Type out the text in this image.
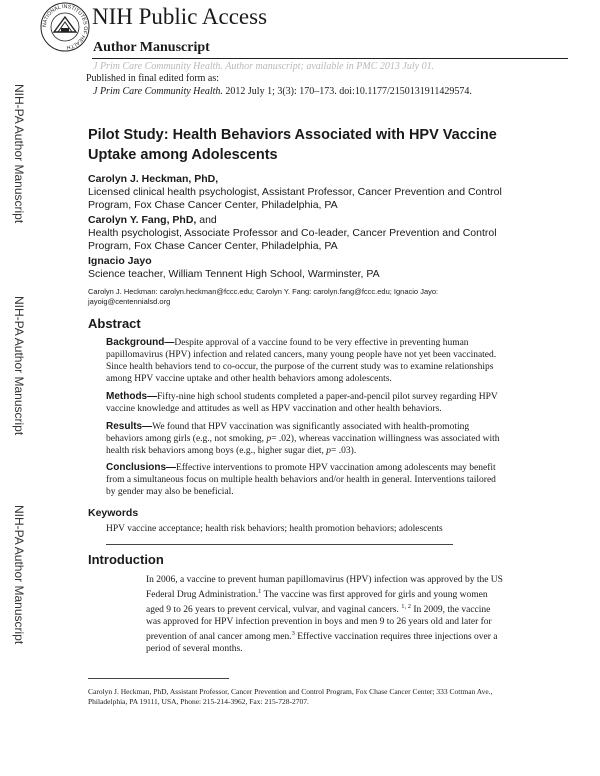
NATIONAL INSTITUTES OF HEALTH
NIH Public Access
Author Manuscript
J Prim Care Community Health. Author manuscript; available in PMC 2013 July 01.
Published in final edited form as:
J Prim Care Community Health. 2012 July 1; 3(3): 170–173. doi:10.1177/2150131911429574.
NIH-PA Author Manuscript
NIH-PA Author Manuscript
NIH-PA Author Manuscript
Pilot Study: Health Behaviors Associated with HPV Vaccine Uptake among Adolescents
Carolyn J. Heckman, PhD,
Licensed clinical health psychologist, Assistant Professor, Cancer Prevention and Control Program, Fox Chase Cancer Center, Philadelphia, PA
Carolyn Y. Fang, PhD, and
Health psychologist, Associate Professor and Co-leader, Cancer Prevention and Control Program, Fox Chase Cancer Center, Philadelphia, PA
Ignacio Jayo
Science teacher, William Tennent High School, Warminster, PA
Carolyn J. Heckman: carolyn.heckman@fccc.edu; Carolyn Y. Fang: carolyn.fang@fccc.edu; Ignacio Jayo: jayoig@centennialsd.org
Abstract
Background—Despite approval of a vaccine found to be very effective in preventing human papillomavirus (HPV) infection and related cancers, many young people have not yet been vaccinated. Since health behaviors tend to co-occur, the purpose of the current study was to examine relationships among HPV vaccine uptake and other health behaviors among adolescents.
Methods—Fifty-nine high school students completed a paper-and-pencil pilot survey regarding HPV vaccine knowledge and attitudes as well as HPV vaccination and other health behaviors.
Results—We found that HPV vaccination was significantly associated with health-promoting behaviors among girls (e.g., not smoking, p= .02), whereas vaccination willingness was associated with health risk behaviors among boys (e.g., higher sugar diet, p= .03).
Conclusions—Effective interventions to promote HPV vaccination among adolescents may benefit from a simultaneous focus on multiple health behaviors and/or health in general. Interventions tailored by gender may also be beneficial.
Keywords
HPV vaccine acceptance; health risk behaviors; health promotion behaviors; adolescents
Introduction
In 2006, a vaccine to prevent human papillomavirus (HPV) infection was approved by the US Federal Drug Administration.$^1$ The vaccine was first approved for girls and young women aged 9 to 26 years to prevent cervical, vulvar, and vaginal cancers. $^{1, 2}$ In 2009, the vaccine was approved for HPV infection prevention in boys and men 9 to 26 years old and later for prevention of anal cancer among men.$^3$ Effective vaccination requires three injections over a period of several months.
Carolyn J. Heckman, PhD, Assistant Professor, Cancer Prevention and Control Program, Fox Chase Cancer Center; 333 Cottman Ave., Philadelphia, PA 19111, USA, Phone: 215-214-3962, Fax: 215-728-2707.
